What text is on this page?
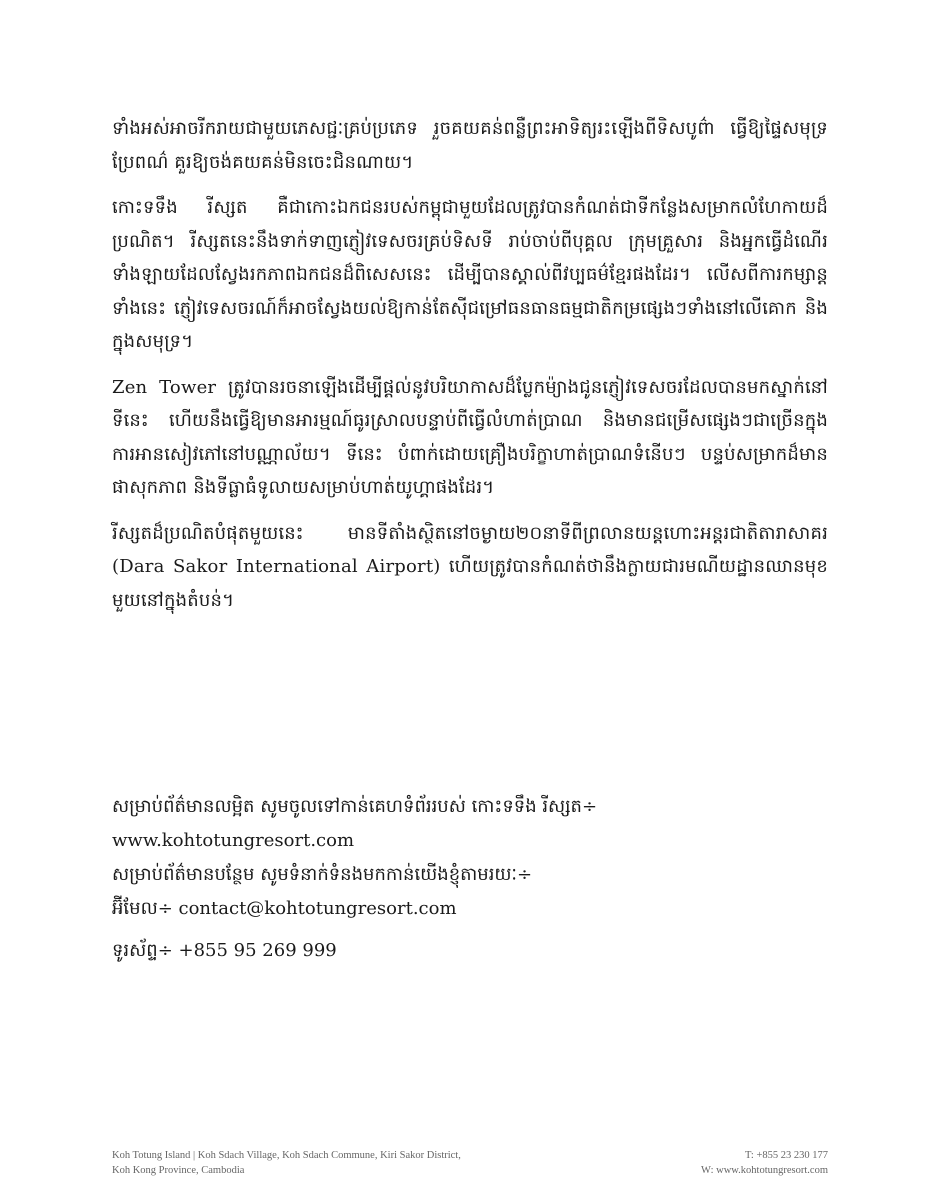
ទាំងអស់អាចរីករាយជាមួយភេសជ្ជៈគ្រប់ប្រភេទ រួចគយគន់ពន្លឺព្រះអាទិត្យរះឡើងពីទិសបូព៌ា ធ្វើឱ្យផ្ទៃសមុទ្រប្រែពណ៌ គួរឱ្យចង់គយគន់មិនចេះជិនណាយ។

កោះទទឹង រីស្សត គឺជាកោះឯកជនរបស់កម្ពុជាមួយដែលត្រូវបានកំណត់ជាទីកន្លែងសម្រាកលំហែកាយដ៏ប្រណិត។ រីស្សតនេះនឹងទាក់ទាញភ្ញៀវទេសចរគ្រប់ទិសទី រាប់ចាប់ពីបុគ្គល ក្រុមគ្រួសារ និងអ្នកធ្វើដំណើរទាំងឡាយដែលស្វែងរកភាពឯកជនដ៏ពិសេសនេះ ដើម្បីបានស្គាល់ពីវប្បធម៌ខ្មែរផងដែរ។ លើសពីការកម្សាន្តទាំងនេះ ភ្ញៀវទេសចរណ៍ក៏អាចស្វែងយល់ឱ្យកាន់តែស៊ីជម្រៅធនធានធម្មជាតិកម្រផ្សេងៗទាំងនៅលើគោក និងក្នុងសមុទ្រ។

Zen Tower ត្រូវបានរចនាឡើងដើម្បីផ្តល់នូវបរិយាកាសដ៏ប្លែកម៉្យាងជូនភ្ញៀវទេសចរដែលបានមកស្នាក់នៅទីនេះ ហើយនឹងធ្វើឱ្យមានអារម្មណ៍ធូរស្រាលបន្ទាប់ពីធ្វើលំហាត់ប្រាណ និងមានជម្រើសផ្សេងៗជាច្រើនក្នុងការអានសៀវភៅនៅបណ្ណាល័យ។ ទីនេះ បំពាក់ដោយគ្រឿងបរិក្ខាហាត់ប្រាណទំនើបៗ បន្ទប់សម្រាកដ៏មានផាសុកភាព និងទីធ្លាធំទូលាយសម្រាប់ហាត់យូហ្គាផងដែរ។

រីស្សតដ៏ប្រណិតបំផុតមួយនេះ មានទីតាំងស្ថិតនៅចម្ងាយ២០នាទីពីព្រលានយន្តហោះអន្តរជាតិតារាសាគរ (Dara Sakor International Airport) ហើយត្រូវបានកំណត់ថានឹងក្លាយជារមណីយដ្ឋានឈានមុខមួយនៅក្នុងតំបន់។

សម្រាប់ព័ត៌មានលម្អិត សូមចូលទៅកាន់គេហទំព័ររបស់ កោះទទឹង រីស្សត÷
www.kohtotungresort.com
សម្រាប់ព័ត៌មានបន្ថែម សូមទំនាក់ទំនងមកកាន់យើងខ្ញុំតាមរយៈ÷
អ៊ីមែល÷ contact@kohtotungresort.com
ទូរស័ព្ទ÷ +855 95 269 999
Koh Totung Island | Koh Sdach Village, Koh Sdach Commune, Kiri Sakor District,
Koh Kong Province, Cambodia
T: +855 23 230 177
W: www.kohtotungresort.com
